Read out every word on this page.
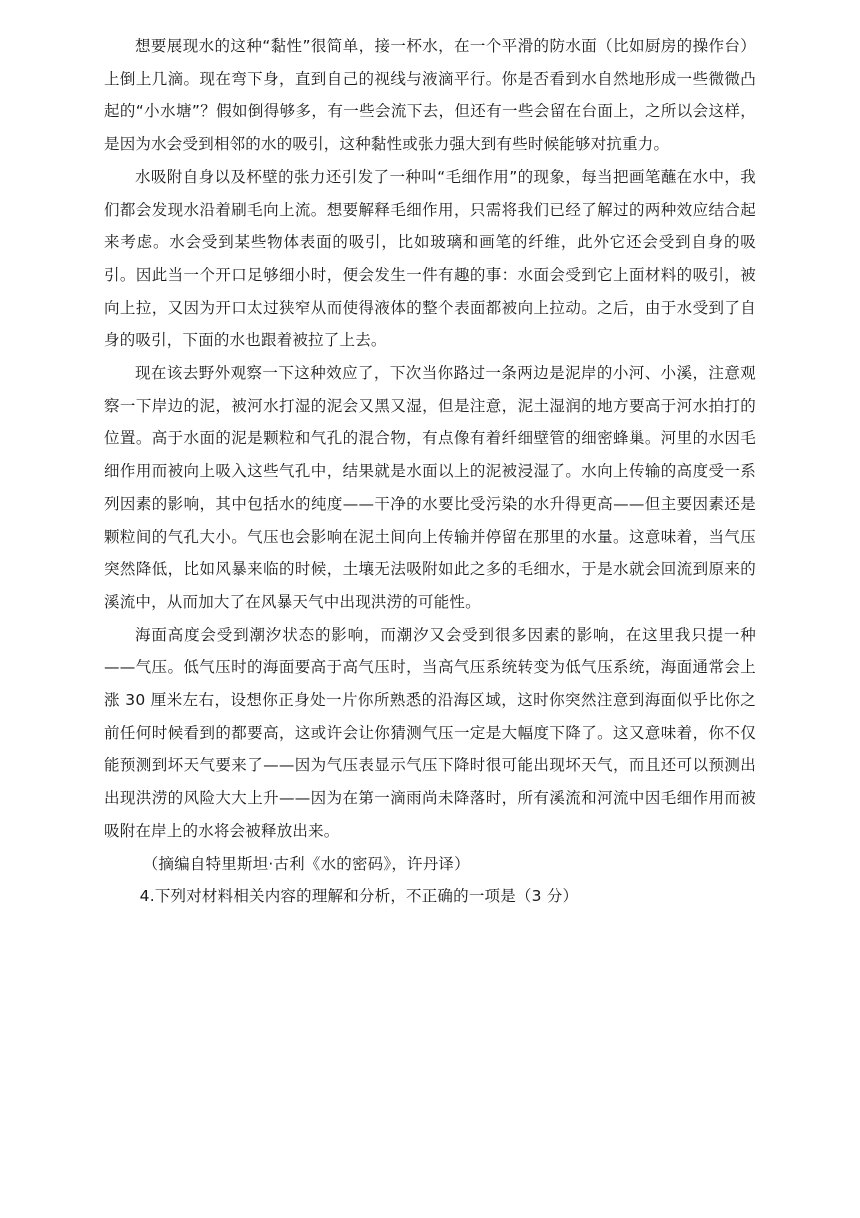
想要展现水的这种“黏性”很简单，接一杯水，在一个平滑的防水面（比如厨房的操作台）上倒上几滴。现在弯下身，直到自己的视线与液滴平行。你是否看到水自然地形成一些微微凸起的“小水塘”？假如倒得够多，有一些会流下去，但还有一些会留在台面上，之所以会这样，是因为水会受到相邻的水的吸引，这种黏性或张力强大到有些时候能够对抗重力。

水吸附自身以及杯壁的张力还引发了一种叫“毛细作用”的现象，每当把画笔蘸在水中，我们都会发现水沿着刷毛向上流。想要解释毛细作用，只需将我们已经了解过的两种效应结合起来考虑。水会受到某些物体表面的吸引，比如玻璃和画笔的纤维，此外它还会受到自身的吸引。因此当一个开口足够细小时，便会发生一件有趣的事：水面会受到它上面材料的吸引，被向上拉，又因为开口太过狭窄从而使得液体的整个表面都被向上拉动。之后，由于水受到了自身的吸引，下面的水也跟着被拉了上去。

现在该去野外观察一下这种效应了，下次当你路过一条两边是泥岸的小河、小溪，注意观察一下岸边的泥，被河水打湿的泥会又黑又湿，但是注意，泥土湿润的地方要高于河水拍打的位置。高于水面的泥是颗粒和气孔的混合物，有点像有着纤细壁管的细密蜂巢。河里的水因毛细作用而被向上吸入这些气孔中，结果就是水面以上的泥被浸湿了。水向上传输的高度受一系列因素的影响，其中包括水的纯度——干净的水要比受污染的水升得更高——但主要因素还是颗粒间的气孔大小。气压也会影响在泥土间向上传输并停留在那里的水量。这意味着，当气压突然降低，比如风暴来临的时候，土壤无法吸附如此之多的毛细水，于是水就会回流到原来的溪流中，从而加大了在风暴天气中出现洪涝的可能性。

海面高度会受到潮汐状态的影响，而潮汐又会受到很多因素的影响，在这里我只提一种——气压。低气压时的海面要高于高气压时，当高气压系统转变为低气压系统，海面通常会上涨 30 厘米左右，设想你正身处一片你所熟悉的沿海区域，这时你突然注意到海面似乎比你之前任何时候看到的都要高，这或许会让你猜测气压一定是大幅度下降了。这又意味着，你不仅能预测到坏天气要来了——因为气压表显示气压下降时很可能出现坏天气，而且还可以预测出出现洪涝的风险大大上升——因为在第一滴雨尚未降落时，所有溪流和河流中因毛细作用而被吸附在岸上的水将会被释放出来。

（摘编自特里斯坦·古利《水的密码》，许丹译）

4.下列对材料相关内容的理解和分析，不正确的一项是（3 分）
